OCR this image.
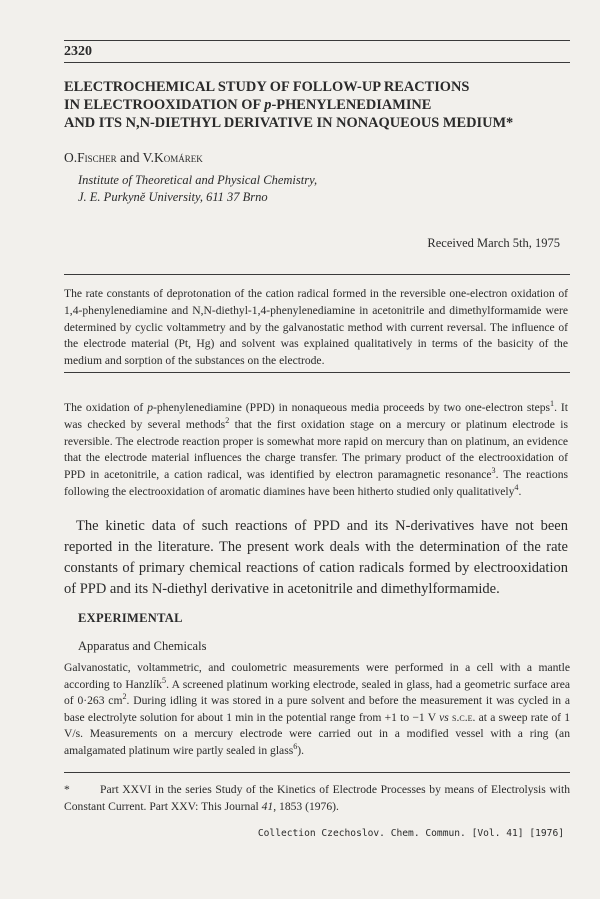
2320
ELECTROCHEMICAL STUDY OF FOLLOW-UP REACTIONS
IN ELECTROOXIDATION OF p-PHENYLENEDIAMINE
AND ITS N,N-DIETHYL DERIVATIVE IN NONAQUEOUS MEDIUM*
O.Fischer and V.Komárek
Institute of Theoretical and Physical Chemistry,
J. E. Purkyně University, 611 37 Brno
Received March 5th, 1975
The rate constants of deprotonation of the cation radical formed in the reversible one-electron oxidation of 1,4-phenylenediamine and N,N-diethyl-1,4-phenylenediamine in acetonitrile and dimethylformamide were determined by cyclic voltammetry and by the galvanostatic method with current reversal. The influence of the electrode material (Pt, Hg) and solvent was explained qualitatively in terms of the basicity of the medium and sorption of the substances on the electrode.
The oxidation of p-phenylenediamine (PPD) in nonaqueous media proceeds by two one-electron steps$^1$. It was checked by several methods$^2$ that the first oxidation stage on a mercury or platinum electrode is reversible. The electrode reaction proper is somewhat more rapid on mercury than on platinum, an evidence that the electrode material influences the charge transfer. The primary product of the electrooxidation of PPD in acetonitrile, a cation radical, was identified by electron paramagnetic resonance$^3$. The reactions following the electrooxidation of aromatic diamines have been hitherto studied only qualitatively$^4$.
The kinetic data of such reactions of PPD and its N-derivatives have not been reported in the literature. The present work deals with the determination of the rate constants of primary chemical reactions of cation radicals formed by electrooxidation of PPD and its N-diethyl derivative in acetonitrile and dimethylformamide.
EXPERIMENTAL
Apparatus and Chemicals
Galvanostatic, voltammetric, and coulometric measurements were performed in a cell with a mantle according to Hanzlík$^5$. A screened platinum working electrode, sealed in glass, had a geometric surface area of 0·263 $cm^2$. During idling it was stored in a pure solvent and before the measurement it was cycled in a base electrolyte solution for about 1 min in the potential range from +1 to −1 V vs s.c.e. at a sweep rate of 1 V/s. Measurements on a mercury electrode were carried out in a modified vessel with a ring (an amalgamated platinum wire partly sealed in glass$^6$).
*	Part XXVI in the series Study of the Kinetics of Electrode Processes by means of Electrolysis with Constant Current. Part XXV: This Journal 41, 1853 (1976).
Collection Czechoslov. Chem. Commun. [Vol. 41] [1976]
